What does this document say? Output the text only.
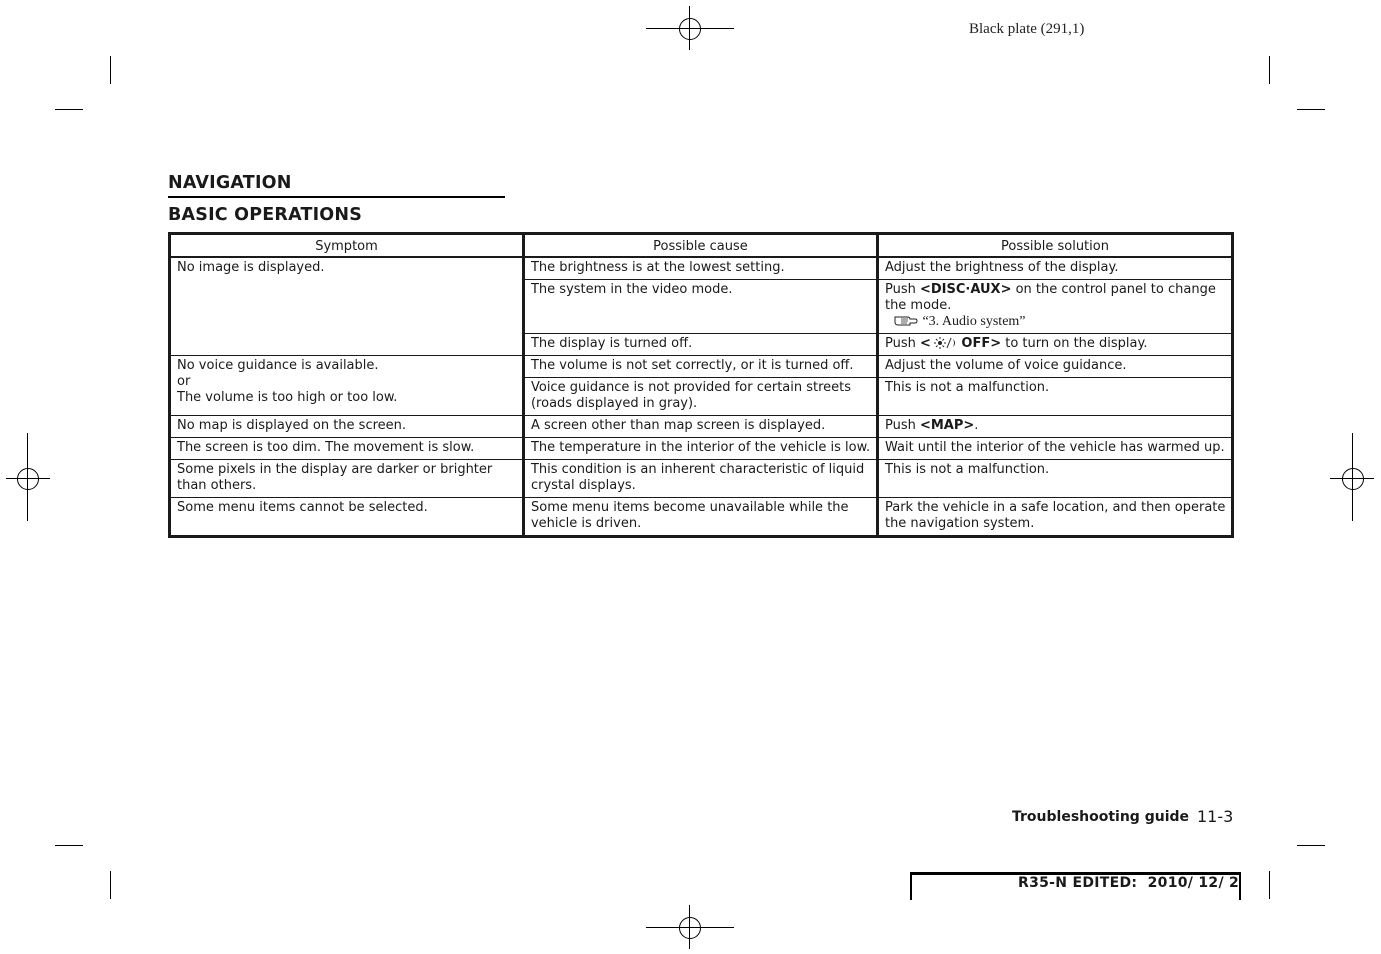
Black plate (291,1)
NAVIGATION
BASIC OPERATIONS
Symptom	Possible cause	Possible solution
No image is displayed.	The brightness is at the lowest setting.	Adjust the brightness of the display.
	The system in the video mode.	Push <DISC·AUX> on the control panel to change the mode.
“3. Audio system”

	The display is turned off.	Push < OFF> to turn on the display.

No voice guidance is available.
or
The volume is too high or too low.	The volume is not set correctly, or it is turned off.	Adjust the volume of voice guidance.
	Voice guidance is not provided for certain streets (roads displayed in gray).	This is not a malfunction.
No map is displayed on the screen.	A screen other than map screen is displayed.	Push <MAP>.
The screen is too dim. The movement is slow.	The temperature in the interior of the vehicle is low.	Wait until the interior of the vehicle has warmed up.
Some pixels in the display are darker or brighter than others.	This condition is an inherent characteristic of liquid crystal displays.	This is not a malfunction.
Some menu items cannot be selected.	Some menu items become unavailable while the vehicle is driven.	Park the vehicle in a safe location, and then operate the navigation system.
Troubleshooting guide 11-3
R35-N EDITED:  2010/ 12/ 2
